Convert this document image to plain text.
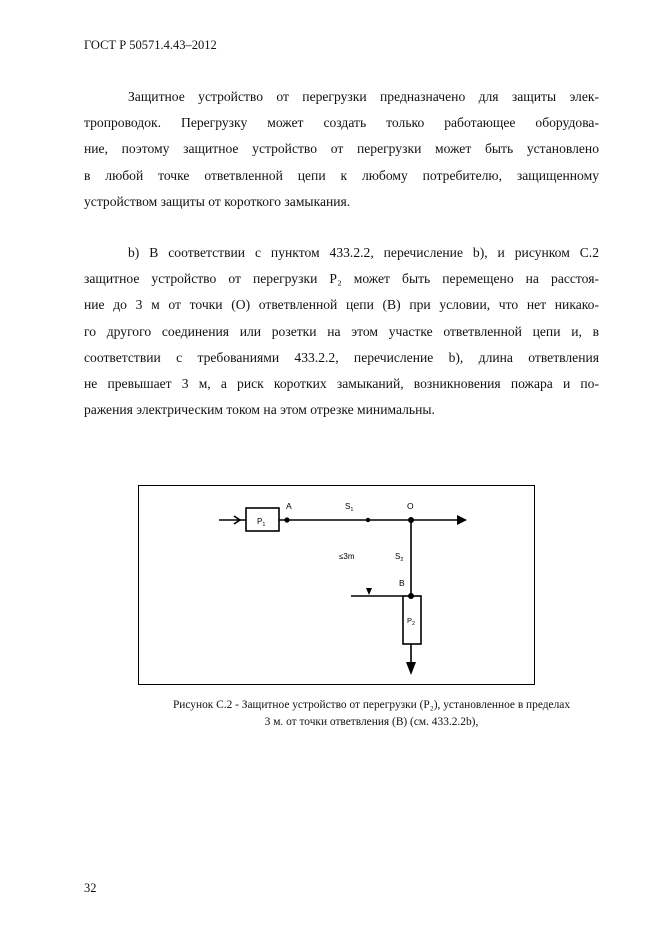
ГОСТ Р 50571.4.43–2012
Защитное устройство от перегрузки предназначено для защиты элек-
тропроводок. Перегрузку может создать только работающее оборудова-
ние, поэтому защитное устройство от перегрузки может быть установлено
в любой точке ответвленной цепи к любому потребителю, защищенному
устройством защиты от короткого замыкания.
b) В соответствии с пунктом 433.2.2, перечисление b), и рисунком С.2
защитное устройство от перегрузки Р₂ может быть перемещено на расстоя-
ние до 3 м от точки (О) ответвленной цепи (В) при условии, что нет никако-
го другого соединения или розетки на этом участке ответвленной цепи и, в
соответствии с требованиями 433.2.2, перечисление b), длина ответвления
не превышает 3 м, а риск коротких замыканий, возникновения пожара и по-
ражения электрическим током на этом отрезке минимальны.
$P_1$
A	$S_1$	O
≤3m	$S_2$
B
$P_2$
Рисунок С.2 - Защитное устройство от перегрузки (Р₂), установленное в пределах
3 м. от точки ответвления (В) (см. 433.2.2b),
32
